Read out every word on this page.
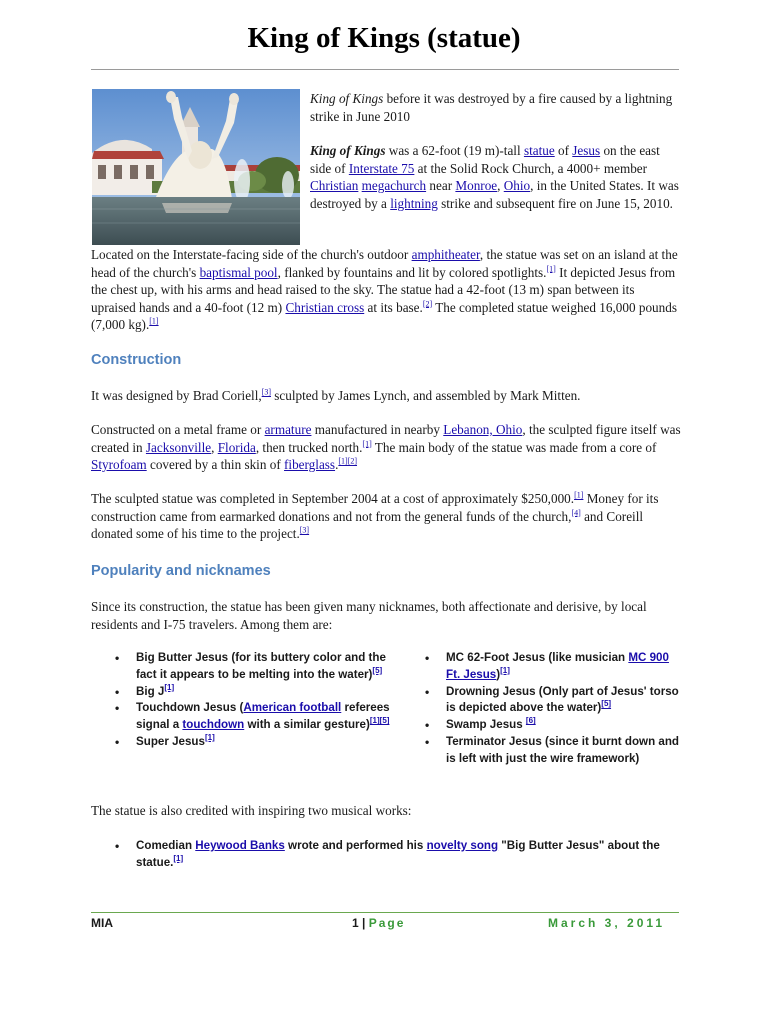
King of Kings (statue)
King of Kings before it was destroyed by a fire caused by a lightning strike in June 2010
King of Kings was a 62-foot (19 m)-tall statue of Jesus on the east side of Interstate 75 at the Solid Rock Church, a 4000+ member Christian megachurch near Monroe, Ohio, in the United States. It was destroyed by a lightning strike and subsequent fire on June 15, 2010.
Located on the Interstate-facing side of the church's outdoor amphitheater, the statue was set on an island at the head of the church's baptismal pool, flanked by fountains and lit by colored spotlights.[1] It depicted Jesus from the chest up, with his arms and head raised to the sky. The statue had a 42-foot (13 m) span between its upraised hands and a 40-foot (12 m) Christian cross at its base.[2] The completed statue weighed 16,000 pounds (7,000 kg).[1]
Construction
It was designed by Brad Coriell,[3] sculpted by James Lynch, and assembled by Mark Mitten.
Constructed on a metal frame or armature manufactured in nearby Lebanon, Ohio, the sculpted figure itself was created in Jacksonville, Florida, then trucked north.[1] The main body of the statue was made from a core of Styrofoam covered by a thin skin of fiberglass.[1][2]
The sculpted statue was completed in September 2004 at a cost of approximately $250,000.[1] Money for its construction came from earmarked donations and not from the general funds of the church,[4] and Coreill donated some of his time to the project.[3]
Popularity and nicknames
Since its construction, the statue has been given many nicknames, both affectionate and derisive, by local residents and I-75 travelers. Among them are:
• Big Butter Jesus (for its buttery color and the fact it appears to be melting into the water)[5]
• Big J[1]
• Touchdown Jesus (American football referees signal a touchdown with a similar gesture)[1][5]
• Super Jesus[1]
• MC 62-Foot Jesus (like musician MC 900 Ft. Jesus)[1]
• Drowning Jesus (Only part of Jesus' torso is depicted above the water)[5]
• Swamp Jesus [6]
• Terminator Jesus (since it burnt down and is left with just the wire framework)
The statue is also credited with inspiring two musical works:
• Comedian Heywood Banks wrote and performed his novelty song "Big Butter Jesus" about the statue.[1]
MIA	1 | Page	March 3, 2011
